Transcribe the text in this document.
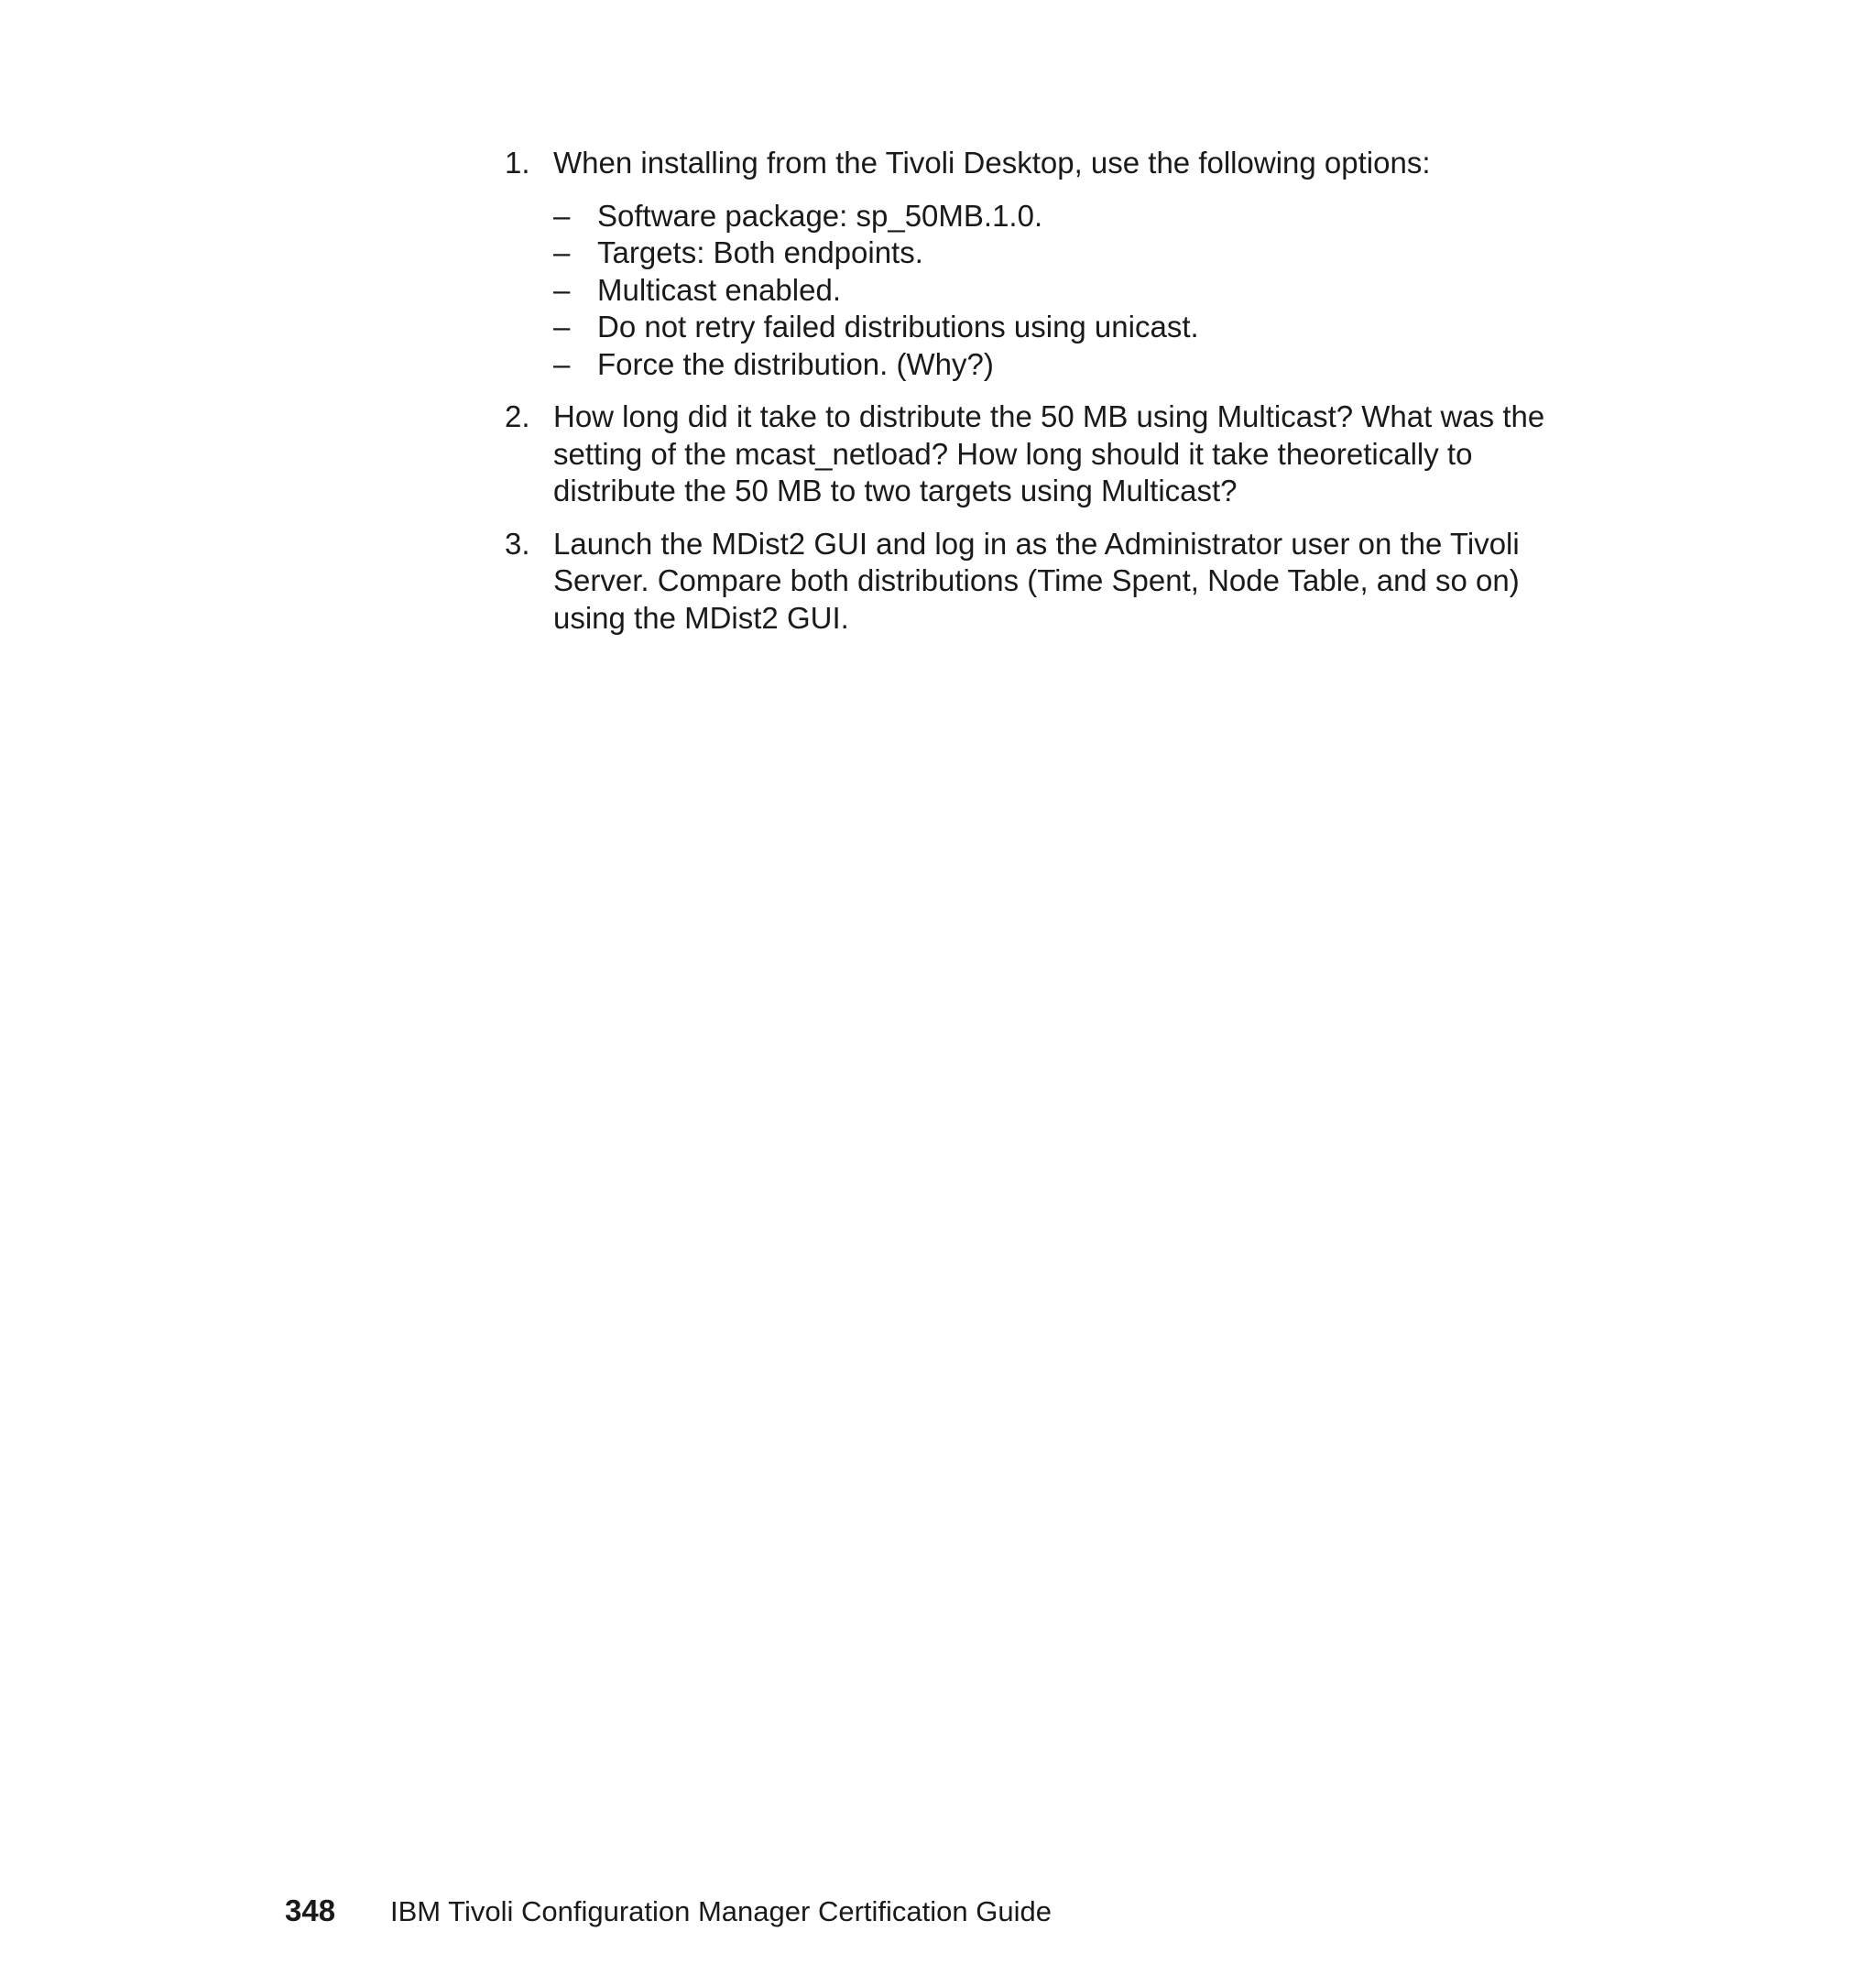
1. When installing from the Tivoli Desktop, use the following options:
– Software package: sp_50MB.1.0.
– Targets: Both endpoints.
– Multicast enabled.
– Do not retry failed distributions using unicast.
– Force the distribution. (Why?)
2. How long did it take to distribute the 50 MB using Multicast? What was the setting of the mcast_netload? How long should it take theoretically to distribute the 50 MB to two targets using Multicast?
3. Launch the MDist2 GUI and log in as the Administrator user on the Tivoli Server. Compare both distributions (Time Spent, Node Table, and so on) using the MDist2 GUI.
348 IBM Tivoli Configuration Manager Certification Guide
